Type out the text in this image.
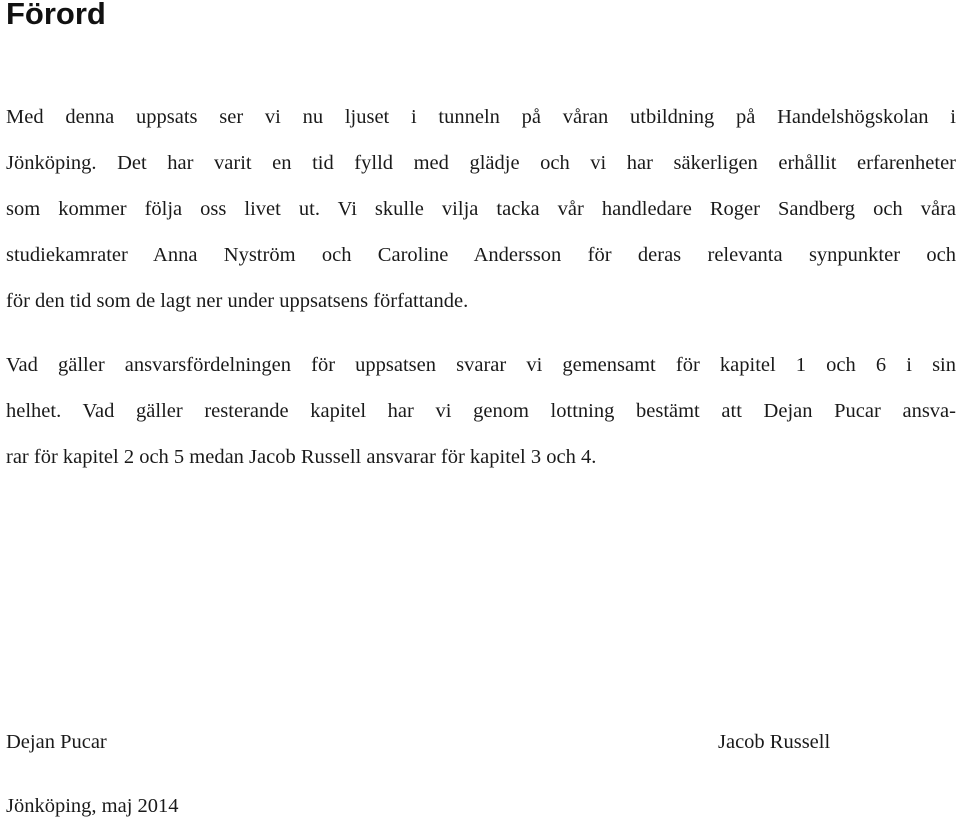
Förord

Med denna uppsats ser vi nu ljuset i tunneln på våran utbildning på Handelshögskolan i
Jönköping. Det har varit en tid fylld med glädje och vi har säkerligen erhållit erfarenheter
som kommer följa oss livet ut. Vi skulle vilja tacka vår handledare Roger Sandberg och våra
studiekamrater Anna Nyström och Caroline Andersson för deras relevanta synpunkter och
för den tid som de lagt ner under uppsatsens författande.

Vad gäller ansvarsfördelningen för uppsatsen svarar vi gemensamt för kapitel 1 och 6 i sin
helhet. Vad gäller resterande kapitel har vi genom lottning bestämt att Dejan Pucar ansva-
rar för kapitel 2 och 5 medan Jacob Russell ansvarar för kapitel 3 och 4.

Dejan Pucar	Jacob Russell

Jönköping, maj 2014
